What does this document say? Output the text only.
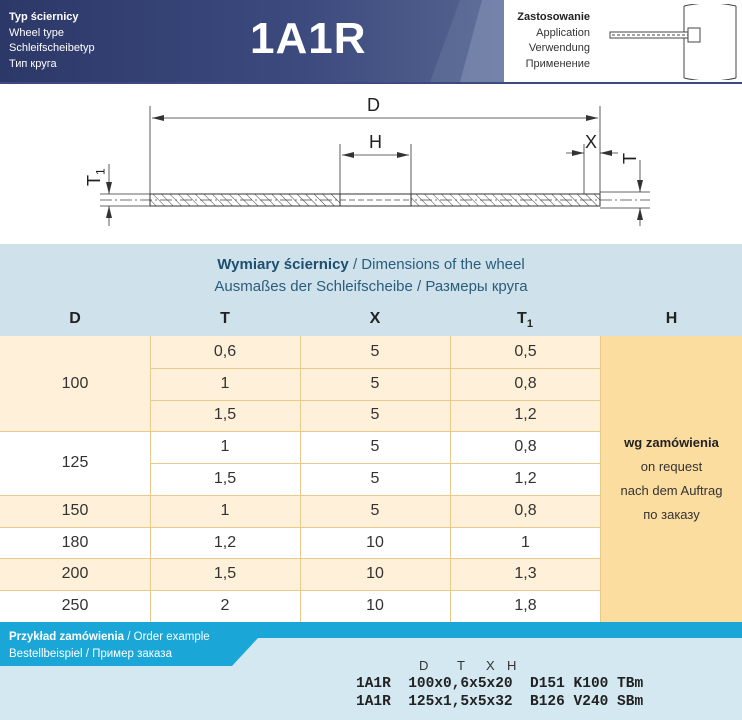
Typ ściernicy
Wheel type
Schleifscheibetyp
Тип круга
1A1R	Zastosowanie
Application
Verwendung
Применение
D
H	X
T
$T_1$
Wymiary ściernicy / Dimensions of the wheel
Ausmaßes der Schleifscheibe / Размеры круга
D	T	X	$T_1$	H
100
0,6	5	0,5
1	5	0,8
1,5	5	1,2
125
1	5	0,8
1,5	5	1,2
150	1	5	0,8
180	1,2	10	1
200	1,5	10	1,3
250	2	10	1,8
wg zamówienia
on request
nach dem Auftrag
по заказу
Przykład zamówienia / Order example
Bestellbeispiel / Пример заказа
D T X H
1A1R  100x0,6x5x20  D151 K100 TBm
1A1R  125x1,5x5x32  B126 V240 SBm
